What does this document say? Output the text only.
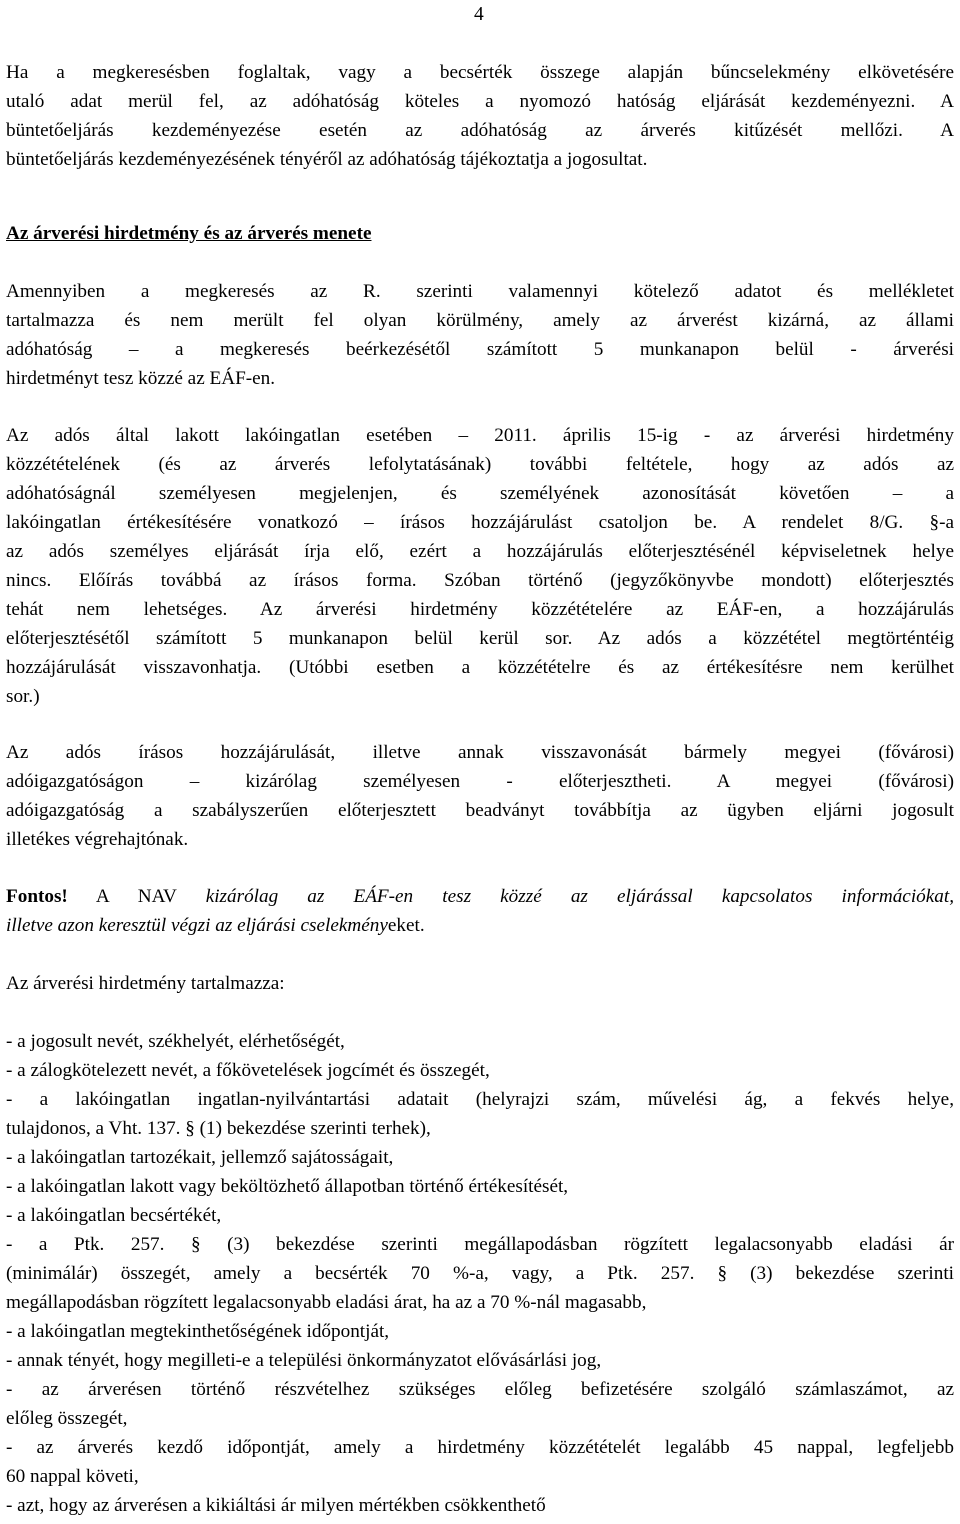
4
Ha a megkeresésben foglaltak, vagy a becsérték összege alapján bűncselekmény elkövetésére
utaló adat merül fel, az adóhatóság köteles a nyomozó hatóság eljárását kezdeményezni. A
büntetőeljárás kezdeményezése esetén az adóhatóság az árverés kitűzését mellőzi. A
büntetőeljárás kezdeményezésének tényéről az adóhatóság tájékoztatja a jogosultat.
Az árverési hirdetmény és az árverés menete
Amennyiben a megkeresés az R. szerinti valamennyi kötelező adatot és mellékletet
tartalmazza és nem merült fel olyan körülmény, amely az árverést kizárná, az állami
adóhatóság – a megkeresés beérkezésétől számított 5 munkanapon belül - árverési
hirdetményt tesz közzé az EÁF-en.
Az adós által lakott lakóingatlan esetében – 2011. április 15-ig - az árverési hirdetmény
közzétételének (és az árverés lefolytatásának) további feltétele, hogy az adós az
adóhatóságnál személyesen megjelenjen, és személyének azonosítását követően – a
lakóingatlan értékesítésére vonatkozó – írásos hozzájárulást csatoljon be. A rendelet 8/G. §-a
az adós személyes eljárását írja elő, ezért a hozzájárulás előterjesztésénél képviseletnek helye
nincs. Előírás továbbá az írásos forma. Szóban történő (jegyzőkönyvbe mondott) előterjesztés
tehát nem lehetséges. Az árverési hirdetmény közzétételére az EÁF-en, a hozzájárulás
előterjesztésétől számított 5 munkanapon belül kerül sor. Az adós a közzététel megtörténtéig
hozzájárulását visszavonhatja. (Utóbbi esetben a közzétételre és az értékesítésre nem kerülhet
sor.)
Az adós írásos hozzájárulását, illetve annak visszavonását bármely megyei (fővárosi)
adóigazgatóságon – kizárólag személyesen - előterjesztheti. A megyei (fővárosi)
adóigazgatóság a szabályszerűen előterjesztett beadványt továbbítja az ügyben eljárni jogosult
illetékes végrehajtónak.
Fontos! A NAV kizárólag az EÁF-en tesz közzé az eljárással kapcsolatos információkat,
illetve azon keresztül végzi az eljárási cselekményeket.
Az árverési hirdetmény tartalmazza:
- a jogosult nevét, székhelyét, elérhetőségét,
- a zálogkötelezett nevét, a főkövetelések jogcímét és összegét,
- a lakóingatlan ingatlan-nyilvántartási adatait (helyrajzi szám, művelési ág, a fekvés helye,
tulajdonos, a Vht. 137. § (1) bekezdése szerinti terhek),
- a lakóingatlan tartozékait, jellemző sajátosságait,
- a lakóingatlan lakott vagy beköltözhető állapotban történő értékesítését,
- a lakóingatlan becsértékét,
- a Ptk. 257. § (3) bekezdése szerinti megállapodásban rögzített legalacsonyabb eladási ár
(minimálár) összegét, amely a becsérték 70 %-a, vagy, a Ptk. 257. § (3) bekezdése szerinti
megállapodásban rögzített legalacsonyabb eladási árat, ha az a 70 %-nál magasabb,
- a lakóingatlan megtekinthetőségének időpontját,
- annak tényét, hogy megilleti-e a települési önkormányzatot elővásárlási jog,
- az árverésen történő részvételhez szükséges előleg befizetésére szolgáló számlaszámot, az
előleg összegét,
- az árverés kezdő időpontját, amely a hirdetmény közzétételét legalább 45 nappal, legfeljebb
60 nappal követi,
- azt, hogy az árverésen a kikiáltási ár milyen mértékben csökkenthető
